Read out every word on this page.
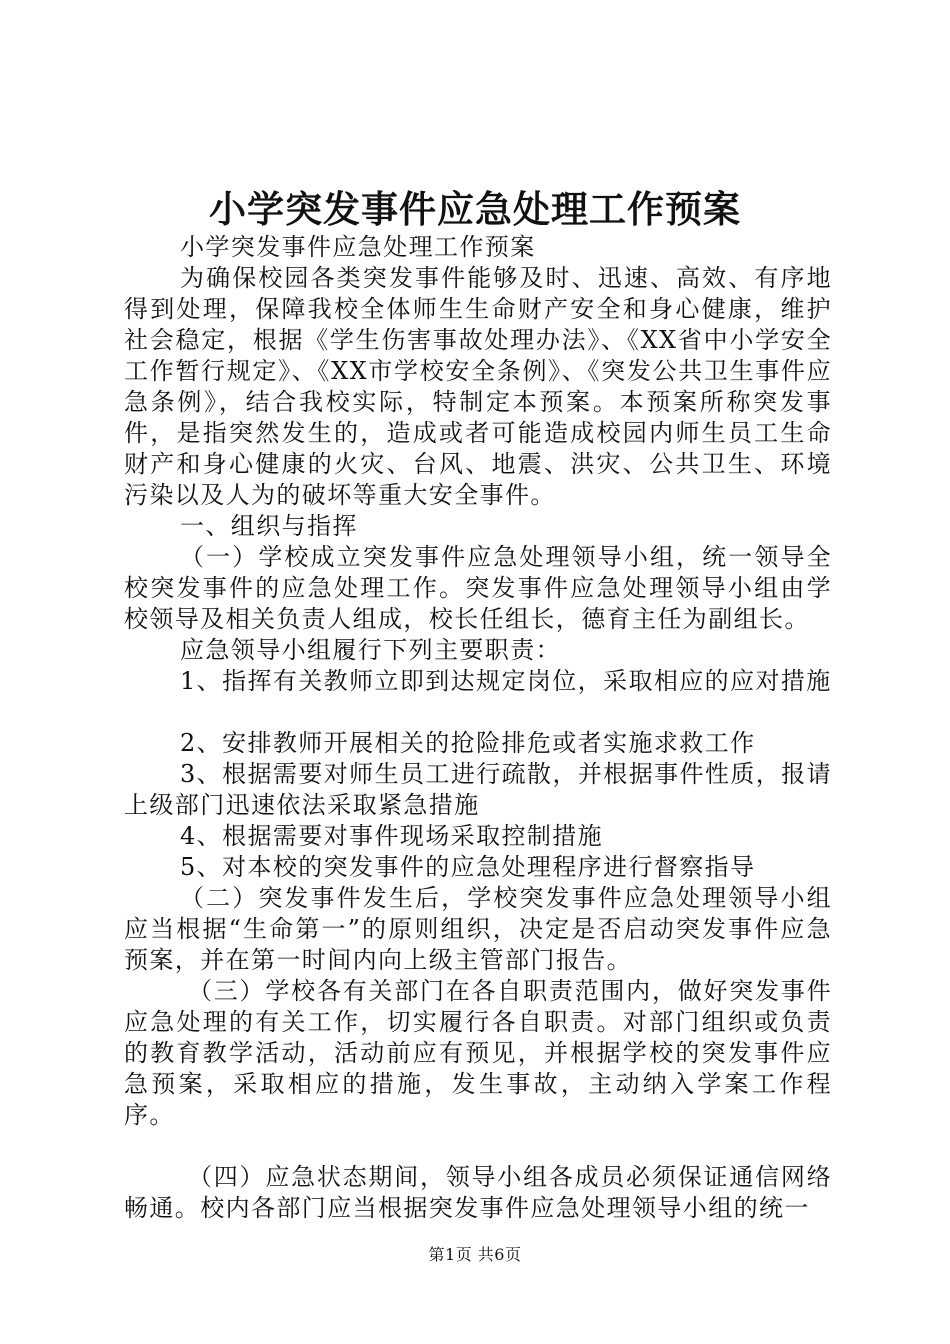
小学突发事件应急处理工作预案

小学突发事件应急处理工作预案

为确保校园各类突发事件能够及时、迅速、高效、有序地得到处理，保障我校全体师生生命财产安全和身心健康，维护社会稳定，根据《学生伤害事故处理办法》、《XX省中小学安全工作暂行规定》、《XX市学校安全条例》、《突发公共卫生事件应急条例》，结合我校实际，特制定本预案。本预案所称突发事件，是指突然发生的，造成或者可能造成校园内师生员工生命财产和身心健康的火灾、台风、地震、洪灾、公共卫生、环境污染以及人为的破坏等重大安全事件。

一、组织与指挥

（一）学校成立突发事件应急处理领导小组，统一领导全校突发事件的应急处理工作。突发事件应急处理领导小组由学校领导及相关负责人组成，校长任组长，德育主任为副组长。

应急领导小组履行下列主要职责：

1、指挥有关教师立即到达规定岗位，采取相应的应对措施

2、安排教师开展相关的抢险排危或者实施求救工作

3、根据需要对师生员工进行疏散，并根据事件性质，报请上级部门迅速依法采取紧急措施

4、根据需要对事件现场采取控制措施

5、对本校的突发事件的应急处理程序进行督察指导

（二）突发事件发生后，学校突发事件应急处理领导小组应当根据“生命第一”的原则组织，决定是否启动突发事件应急预案，并在第一时间内向上级主管部门报告。

（三）学校各有关部门在各自职责范围内，做好突发事件应急处理的有关工作，切实履行各自职责。对部门组织或负责的教育教学活动，活动前应有预见，并根据学校的突发事件应急预案，采取相应的措施，发生事故，主动纳入学案工作程序。

（四）应急状态期间，领导小组各成员必须保证通信网络畅通。校内各部门应当根据突发事件应急处理领导小组的统一

第1页 共6页
